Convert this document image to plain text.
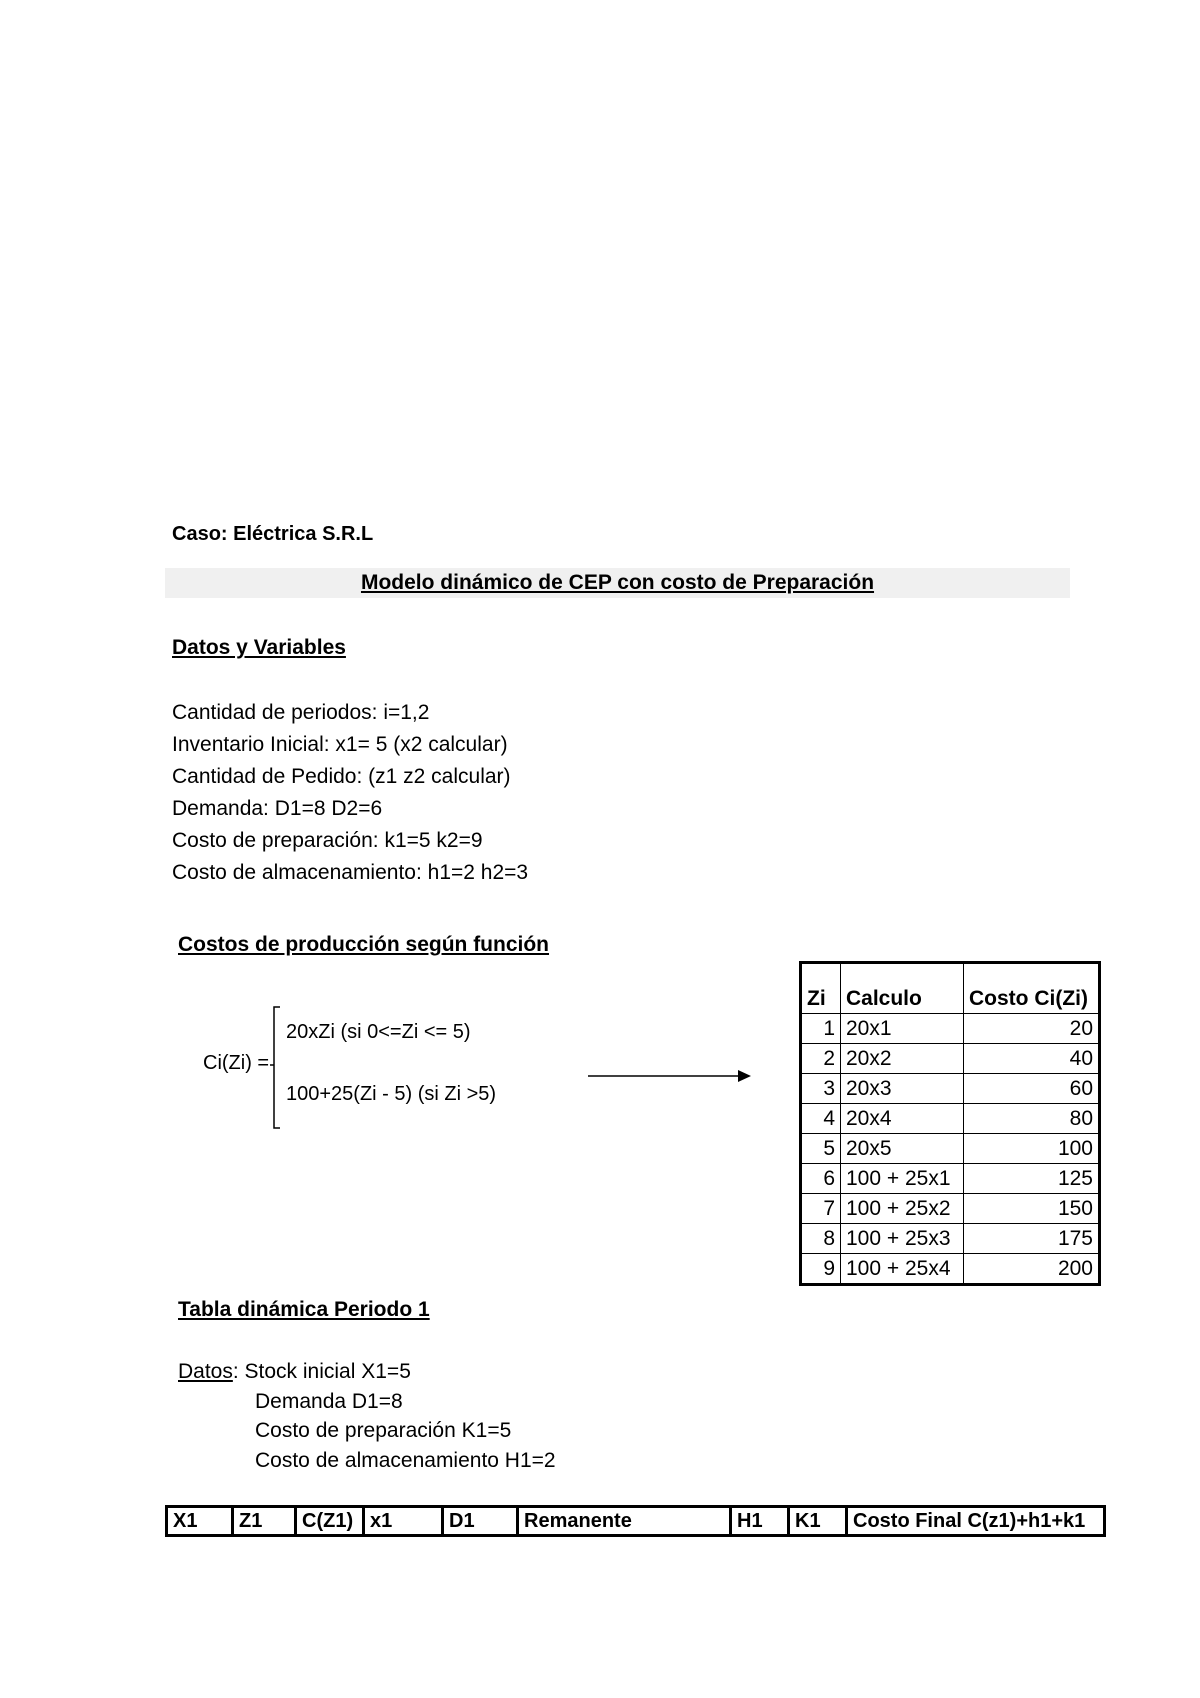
Caso: Eléctrica S.R.L
Modelo dinámico de CEP con costo de Preparación
Datos y Variables
Cantidad de periodos: i=1,2
Inventario Inicial: x1= 5 (x2 calcular)
Cantidad de Pedido: (z1 z2 calcular)
Demanda: D1=8 D2=6
Costo de preparación: k1=5 k2=9
Costo de almacenamiento: h1=2 h2=3
Costos de producción según función
Ci(Zi) =
20xZi (si 0<=Zi <= 5)
100+25(Zi - 5) (si Zi >5)
Zi	Calculo	Costo Ci(Zi)
1	20x1	20
2	20x2	40
3	20x3	60
4	20x4	80
5	20x5	100
6	100 + 25x1	125
7	100 + 25x2	150
8	100 + 25x3	175
9	100 + 25x4	200
Tabla dinámica Periodo 1
Datos: Stock inicial X1=5
Demanda D1=8
Costo de preparación K1=5
Costo de almacenamiento H1=2
X1	Z1	C(Z1)	x1	D1	Remanente	H1	K1	Costo Final C(z1)+h1+k1
